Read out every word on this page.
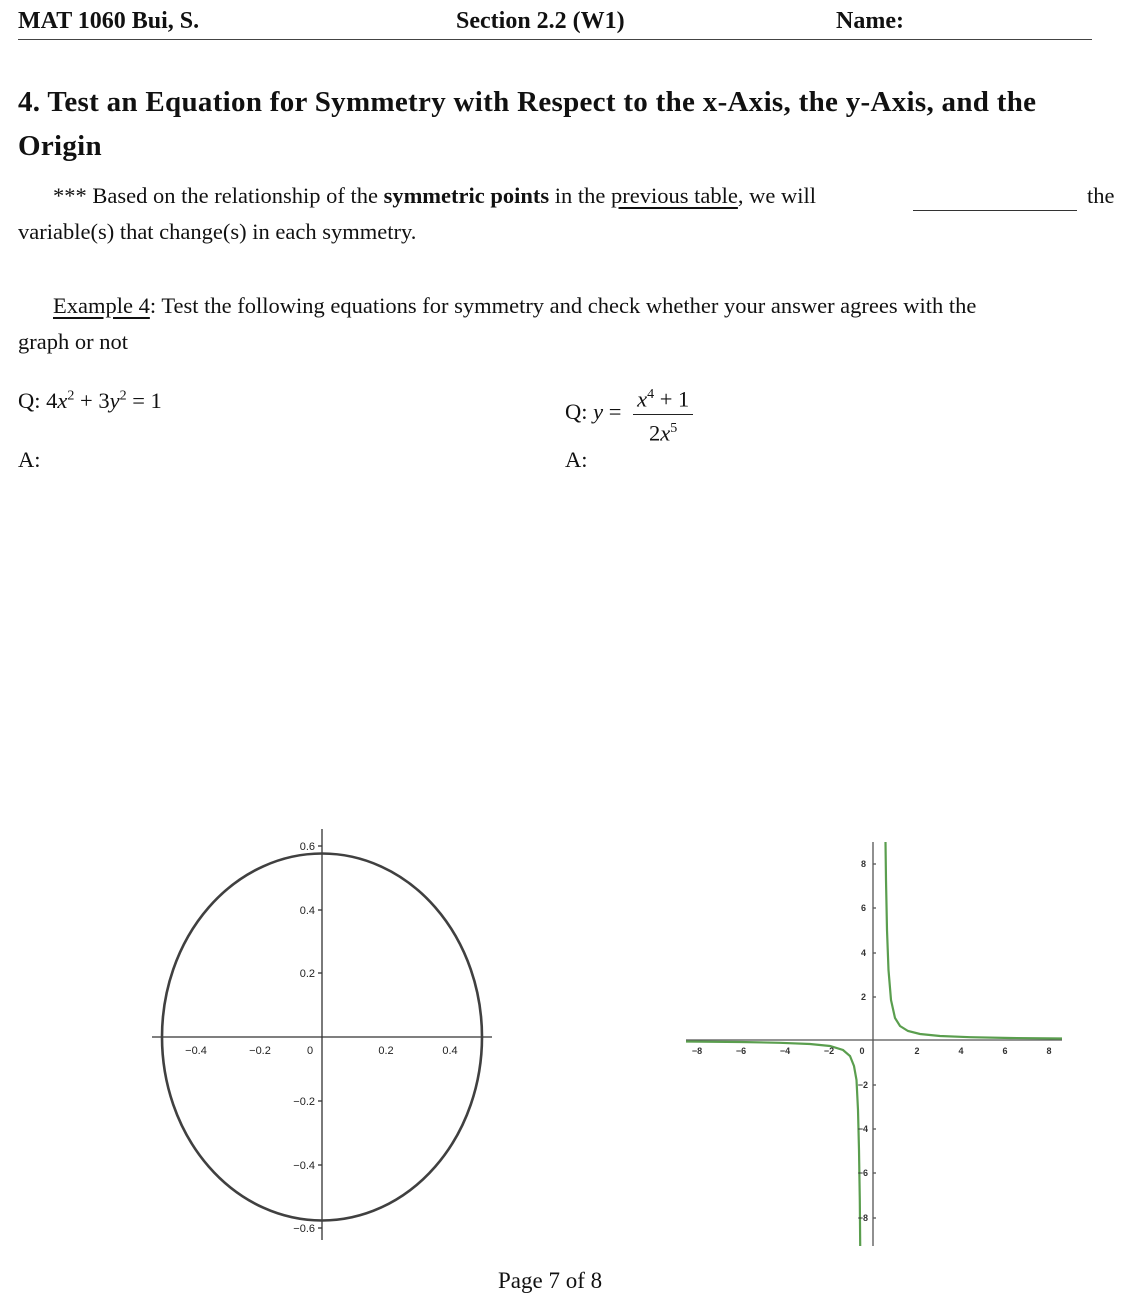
MAT 1060 Bui, S.	Section 2.2 (W1)	Name:
4. Test an Equation for Symmetry with Respect to the x-Axis, the y-Axis, and the Origin
*** Based on the relationship of the symmetric points in the previous table, we will	the
variable(s) that change(s) in each symmetry.
Example 4: Test the following equations for symmetry and check whether your answer agrees with the
graph or not
Q: $4x^2 + 3y^2 = 1$
A:
Q: $y = \frac{x^4 + 1}{2x^5}$
A:
−0.4	−0.2	0	0.2	0.4
0.6
0.4
0.2
−0.2
−0.4
−0.6
−8	−6	−4	−2	0	2	4	6	8
8
6
4
2
−2
−4
−6
−8
Page 7 of 8
